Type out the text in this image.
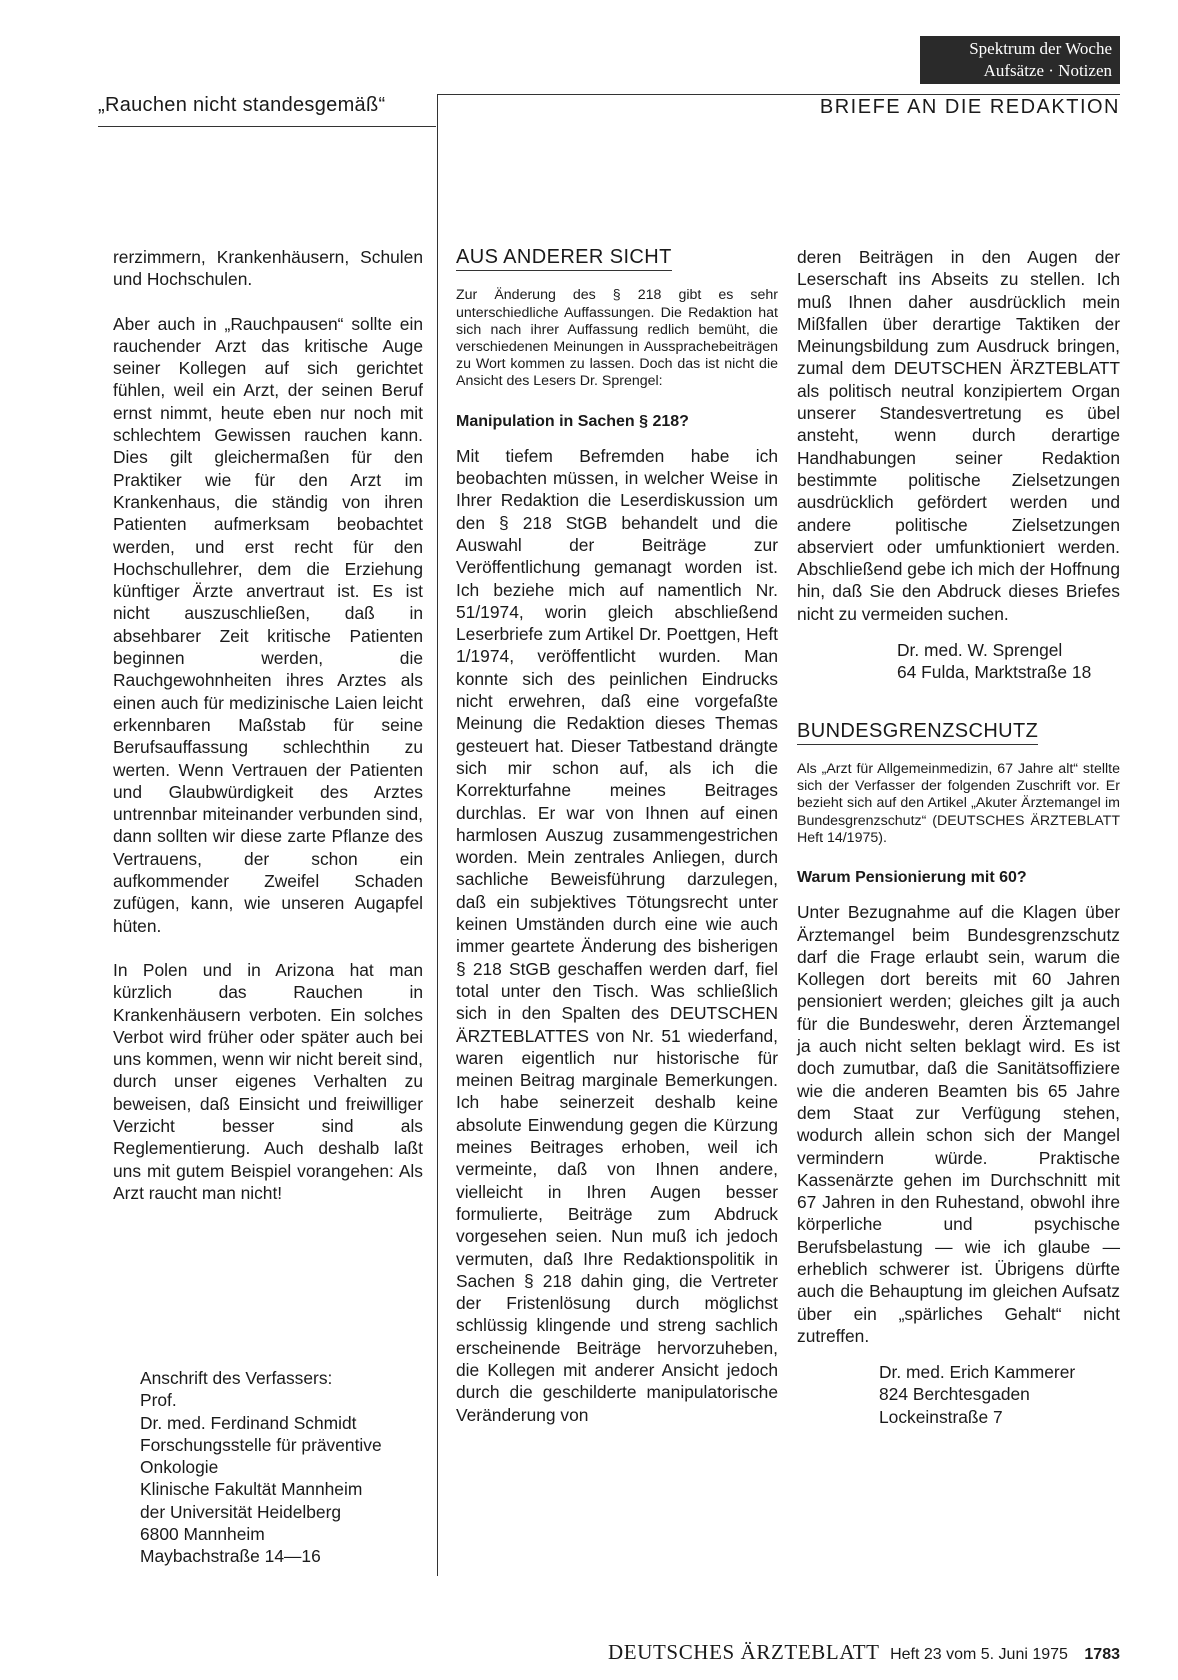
Spektrum der Woche
Aufsätze · Notizen
„Rauchen nicht standesgemäß“	BRIEFE AN DIE REDAKTION

rerzimmern, Krankenhäusern, Schulen und Hochschulen.

Aber auch in „Rauchpausen“ sollte ein rauchender Arzt das kritische Auge seiner Kollegen auf sich gerichtet fühlen, weil ein Arzt, der seinen Beruf ernst nimmt, heute eben nur noch mit schlechtem Gewissen rauchen kann. Dies gilt gleichermaßen für den Praktiker wie für den Arzt im Krankenhaus, die ständig von ihren Patienten aufmerksam beobachtet werden, und erst recht für den Hochschullehrer, dem die Erziehung künftiger Ärzte anvertraut ist. Es ist nicht auszuschließen, daß in absehbarer Zeit kritische Patienten beginnen werden, die Rauchgewohnheiten ihres Arztes als einen auch für medizinische Laien leicht erkennbaren Maßstab für seine Berufsauffassung schlechthin zu werten. Wenn Vertrauen der Patienten und Glaubwürdigkeit des Arztes untrennbar miteinander verbunden sind, dann sollten wir diese zarte Pflanze des Vertrauens, der schon ein aufkommender Zweifel Schaden zufügen, kann, wie unseren Augapfel hüten.

In Polen und in Arizona hat man kürzlich das Rauchen in Krankenhäusern verboten. Ein solches Verbot wird früher oder später auch bei uns kommen, wenn wir nicht bereit sind, durch unser eigenes Verhalten zu beweisen, daß Einsicht und freiwilliger Verzicht besser sind als Reglementierung. Auch deshalb laßt uns mit gutem Beispiel vorangehen: Als Arzt raucht man nicht!

Anschrift des Verfassers:
Prof.
Dr. med. Ferdinand Schmidt
Forschungsstelle für präventive
Onkologie
Klinische Fakultät Mannheim
der Universität Heidelberg
6800 Mannheim
Maybachstraße 14—16
AUS ANDERER SICHT

Zur Änderung des § 218 gibt es sehr unterschiedliche Auffassungen. Die Redaktion hat sich nach ihrer Auffassung redlich bemüht, die verschiedenen Meinungen in Aussprachebeiträgen zu Wort kommen zu lassen. Doch das ist nicht die Ansicht des Lesers Dr. Sprengel:

Manipulation in Sachen § 218?

Mit tiefem Befremden habe ich beobachten müssen, in welcher Weise in Ihrer Redaktion die Leserdiskussion um den § 218 StGB behandelt und die Auswahl der Beiträge zur Veröffentlichung gemanagt worden ist. Ich beziehe mich auf namentlich Nr. 51/1974, worin gleich abschließend Leserbriefe zum Artikel Dr. Poettgen, Heft 1/1974, veröffentlicht wurden. Man konnte sich des peinlichen Eindrucks nicht erwehren, daß eine vorgefaßte Meinung die Redaktion dieses Themas gesteuert hat. Dieser Tatbestand drängte sich mir schon auf, als ich die Korrekturfahne meines Beitrages durchlas. Er war von Ihnen auf einen harmlosen Auszug zusammengestrichen worden. Mein zentrales Anliegen, durch sachliche Beweisführung darzulegen, daß ein subjektives Tötungsrecht unter keinen Umständen durch eine wie auch immer geartete Änderung des bisherigen § 218 StGB geschaffen werden darf, fiel total unter den Tisch. Was schließlich sich in den Spalten des DEUTSCHEN ÄRZTEBLATTES von Nr. 51 wiederfand, waren eigentlich nur historische für meinen Beitrag marginale Bemerkungen. Ich habe seinerzeit deshalb keine absolute Einwendung gegen die Kürzung meines Beitrages erhoben, weil ich vermeinte, daß von Ihnen andere, vielleicht in Ihren Augen besser formulierte, Beiträge zum Abdruck vorgesehen seien. Nun muß ich jedoch vermuten, daß Ihre Redaktionspolitik in Sachen § 218 dahin ging, die Vertreter der Fristenlösung durch möglichst schlüssig klingende und streng sachlich erscheinende Beiträge hervorzuheben, die Kollegen mit anderer Ansicht jedoch durch die geschilderte manipulatorische Veränderung von

deren Beiträgen in den Augen der Leserschaft ins Abseits zu stellen. Ich muß Ihnen daher ausdrücklich mein Mißfallen über derartige Taktiken der Meinungsbildung zum Ausdruck bringen, zumal dem DEUTSCHEN ÄRZTEBLATT als politisch neutral konzipiertem Organ unserer Standesvertretung es übel ansteht, wenn durch derartige Handhabungen seiner Redaktion bestimmte politische Zielsetzungen ausdrücklich gefördert werden und andere politische Zielsetzungen abserviert oder umfunktioniert werden. Abschließend gebe ich mich der Hoffnung hin, daß Sie den Abdruck dieses Briefes nicht zu vermeiden suchen.

Dr. med. W. Sprengel
64 Fulda, Marktstraße 18
BUNDESGRENZSCHUTZ

Als „Arzt für Allgemeinmedizin, 67 Jahre alt“ stellte sich der Verfasser der folgenden Zuschrift vor. Er bezieht sich auf den Artikel „Akuter Ärztemangel im Bundesgrenzschutz“ (DEUTSCHES ÄRZTEBLATT Heft 14/1975).

Warum Pensionierung mit 60?

Unter Bezugnahme auf die Klagen über Ärztemangel beim Bundesgrenzschutz darf die Frage erlaubt sein, warum die Kollegen dort bereits mit 60 Jahren pensioniert werden; gleiches gilt ja auch für die Bundeswehr, deren Ärztemangel ja auch nicht selten beklagt wird. Es ist doch zumutbar, daß die Sanitätsoffiziere wie die anderen Beamten bis 65 Jahre dem Staat zur Verfügung stehen, wodurch allein schon sich der Mangel vermindern würde. Praktische Kassenärzte gehen im Durchschnitt mit 67 Jahren in den Ruhestand, obwohl ihre körperliche und psychische Berufsbelastung — wie ich glaube — erheblich schwerer ist. Übrigens dürfte auch die Behauptung im gleichen Aufsatz über ein „spärliches Gehalt“ nicht zutreffen.

Dr. med. Erich Kammerer
824 Berchtesgaden
Lockeinstraße 7
DEUTSCHES ÄRZTEBLATT Heft 23 vom 5. Juni 1975 1783
